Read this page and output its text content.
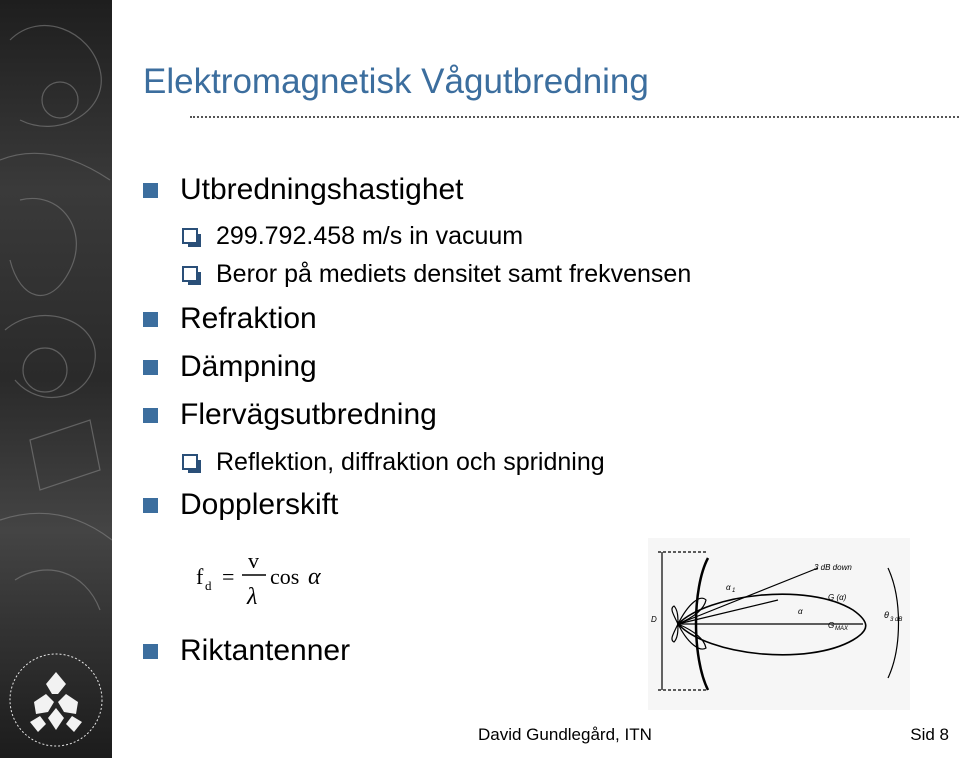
Elektromagnetisk Vågutbredning
Utbredningshastighet
299.792.458 m/s in vacuum
Beror på mediets densitet samt frekvensen
Refraktion
Dämpning
Flervägsutbredning
Reflektion, diffraktion och spridning
Dopplerskift
f d =
v
λ
cos α
Riktantenner
3 dB down
α 1
α
G (α)
G MAX
θ 3 dB
D
David Gundlegård, ITN	Sid 8
